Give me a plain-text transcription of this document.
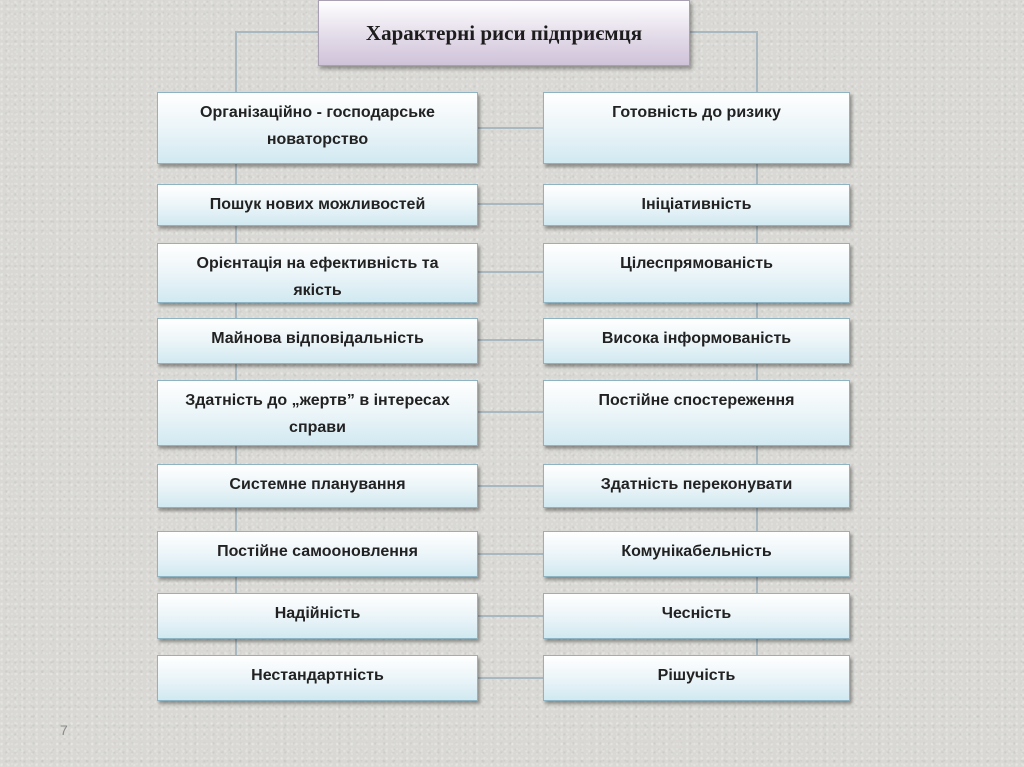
Характерні риси підприємця
Організаційно - господарське новаторство
Пошук нових можливостей
Орієнтація на ефективність та якість
Майнова відповідальність
Здатність до „жертв” в інтересах справи
Системне планування
Постійне самооновлення
Надійність
Нестандартність
Готовність до ризику
Ініціативність
Цілеспрямованість
Висока інформованість
Постійне спостереження
Здатність переконувати
Комунікабельність
Чесність
Рішучість
7
